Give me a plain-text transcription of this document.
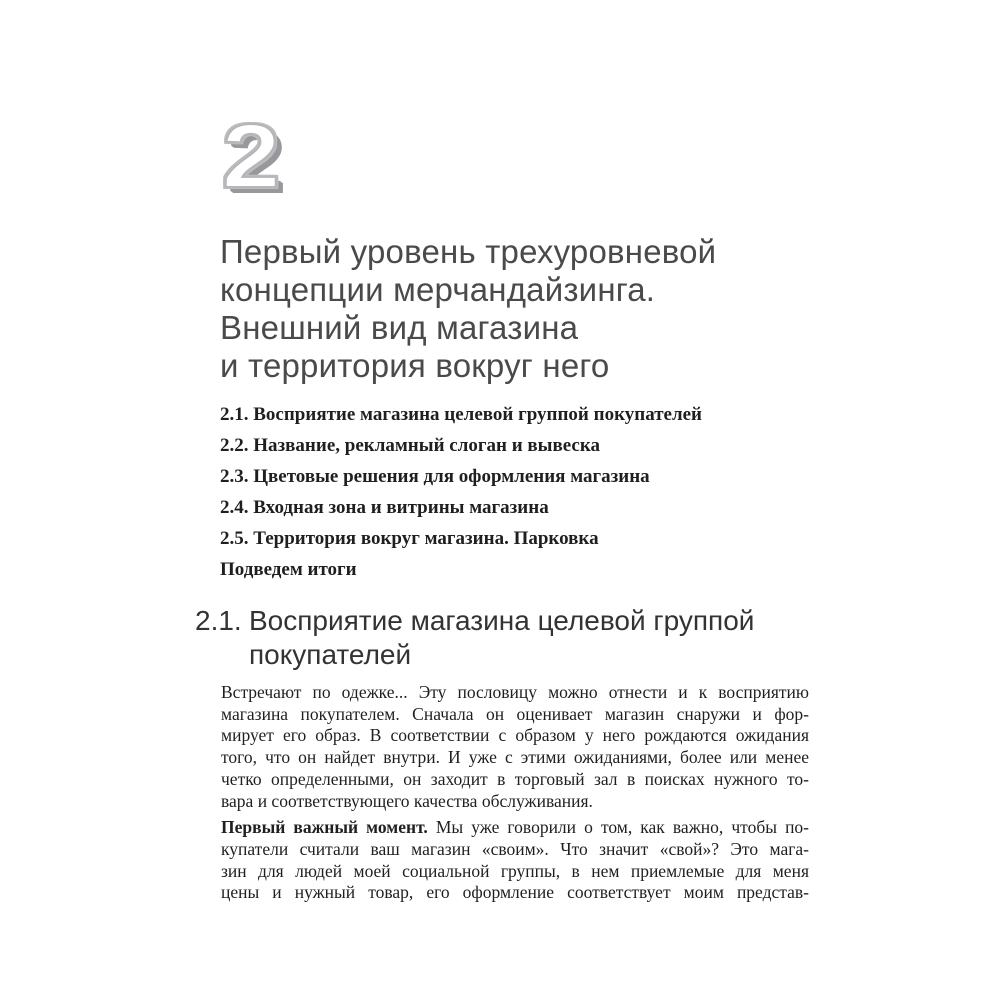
2
Первый уровень трехуровневой
концепции мерчандайзинга.
Внешний вид магазина
и территория вокруг него
2.1. Восприятие магазина целевой группой покупателей
2.2. Название, рекламный слоган и вывеска
2.3. Цветовые решения для оформления магазина
2.4. Входная зона и витрины магазина
2.5. Территория вокруг магазина. Парковка
Подведем итоги
2.1. Восприятие магазина целевой группой
покупателей
Встречают по одежке... Эту пословицу можно отнести и к восприятию
магазина покупателем. Сначала он оценивает магазин снаружи и фор-
мирует его образ. В соответствии с образом у него рождаются ожидания
того, что он найдет внутри. И уже с этими ожиданиями, более или менее
четко определенными, он заходит в торговый зал в поисках нужного то-
вара и соответствующего качества обслуживания.
Первый важный момент. Мы уже говорили о том, как важно, чтобы по-
купатели считали ваш магазин «своим». Что значит «свой»? Это мага-
зин для людей моей социальной группы, в нем приемлемые для меня
цены и нужный товар, его оформление соответствует моим представ-
